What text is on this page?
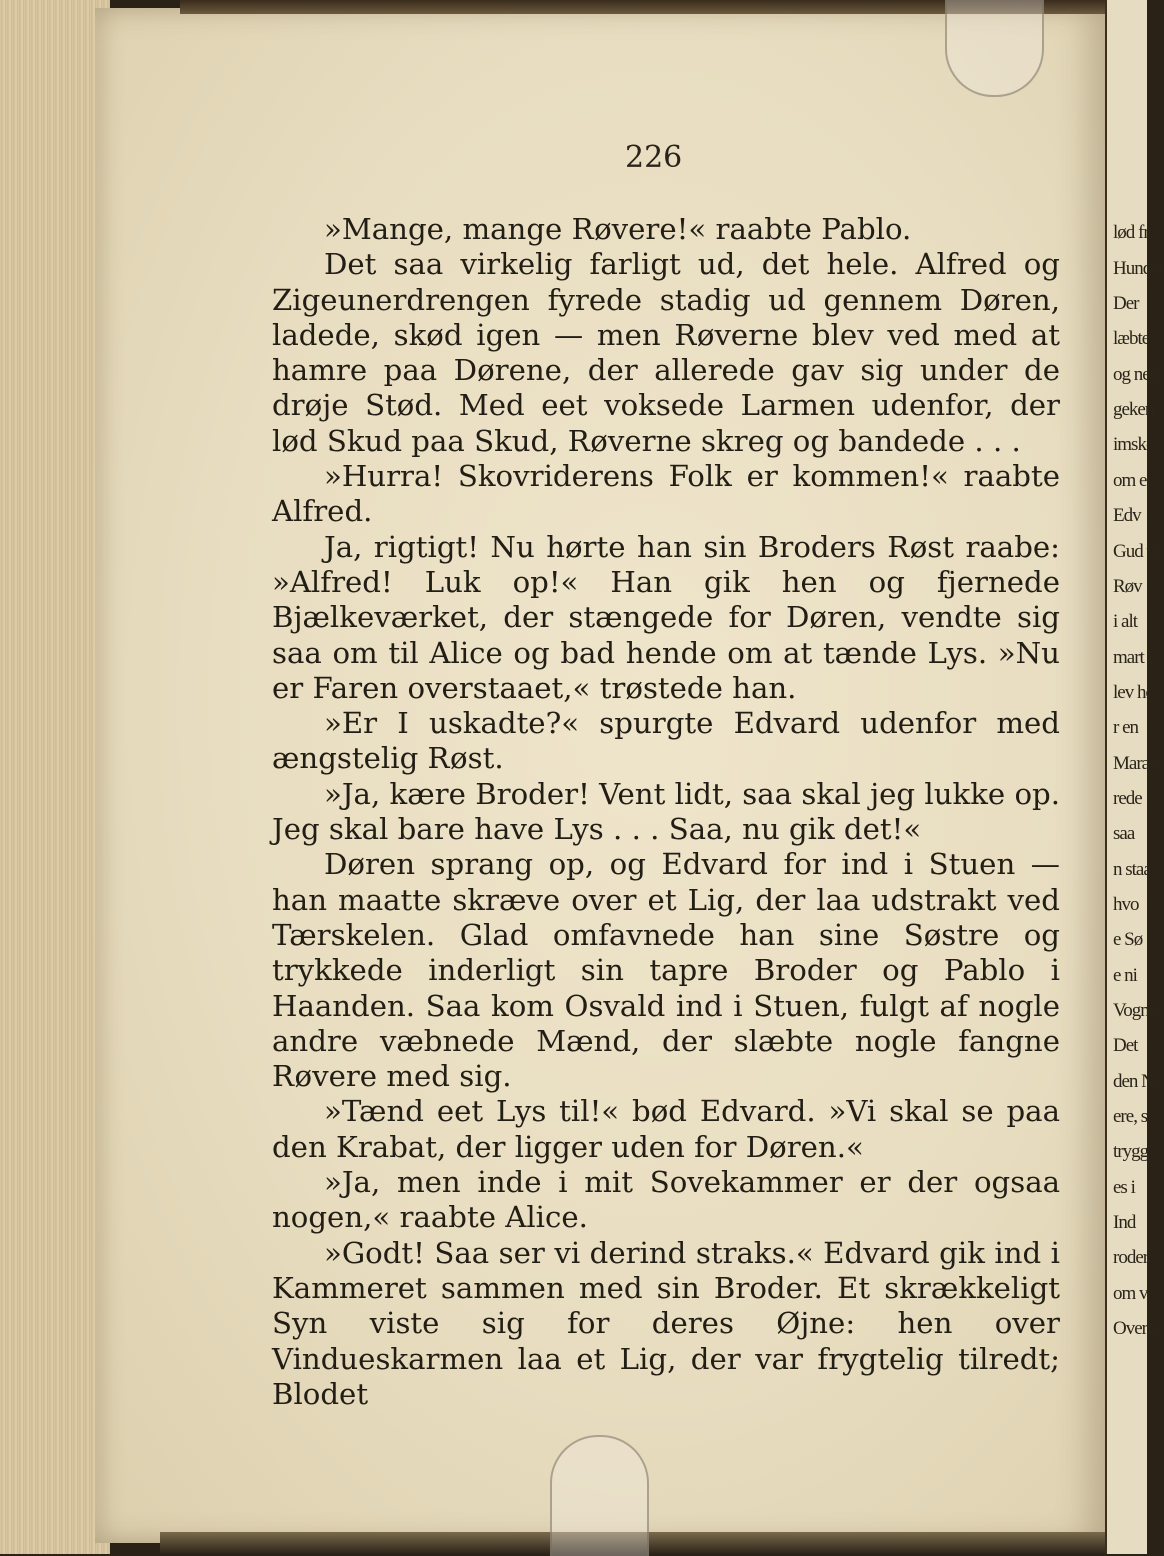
lød fr
Hunder
Der
læbte
og ned
geken
imske
om ee
Edv
Gud ve
Røv
i alt
mart i
lev hc
r en
Maras
rede
saa
n staa
hvo
e Sø
e ni
Vogner
Det
den Na
ere, s
trygg
es i
Ind
roder
om v
Overfa
226

»Mange, mange Røvere!« raabte Pablo.

Det saa virkelig farligt ud, det hele. Alfred og Zigeunerdrengen fyrede stadig ud gennem Døren, ladede, skød igen — men Røverne blev ved med at hamre paa Dørene, der allerede gav sig under de drøje Stød. Med eet voksede Larmen udenfor, der lød Skud paa Skud, Røverne skreg og bandede . . .

»Hurra! Skovriderens Folk er kommen!« raabte Alfred.

Ja, rigtigt! Nu hørte han sin Broders Røst raabe: »Alfred! Luk op!« Han gik hen og fjernede Bjælkeværket, der stængede for Døren, vendte sig saa om til Alice og bad hende om at tænde Lys. »Nu er Faren overstaaet,« trøstede han.

»Er I uskadte?« spurgte Edvard udenfor med ængstelig Røst.

»Ja, kære Broder! Vent lidt, saa skal jeg lukke op. Jeg skal bare have Lys . . . Saa, nu gik det!«

Døren sprang op, og Edvard for ind i Stuen — han maatte skræve over et Lig, der laa udstrakt ved Tærskelen. Glad omfavnede han sine Søstre og trykkede inderligt sin tapre Broder og Pablo i Haanden. Saa kom Osvald ind i Stuen, fulgt af nogle andre væbnede Mænd, der slæbte nogle fangne Røvere med sig.

»Tænd eet Lys til!« bød Edvard. »Vi skal se paa den Krabat, der ligger uden for Døren.«

»Ja, men inde i mit Sovekammer er der ogsaa nogen,« raabte Alice.

»Godt! Saa ser vi derind straks.« Edvard gik ind i Kammeret sammen med sin Broder. Et skrækkeligt Syn viste sig for deres Øjne: hen over Vindueskarmen laa et Lig, der var frygtelig tilredt; Blodet
